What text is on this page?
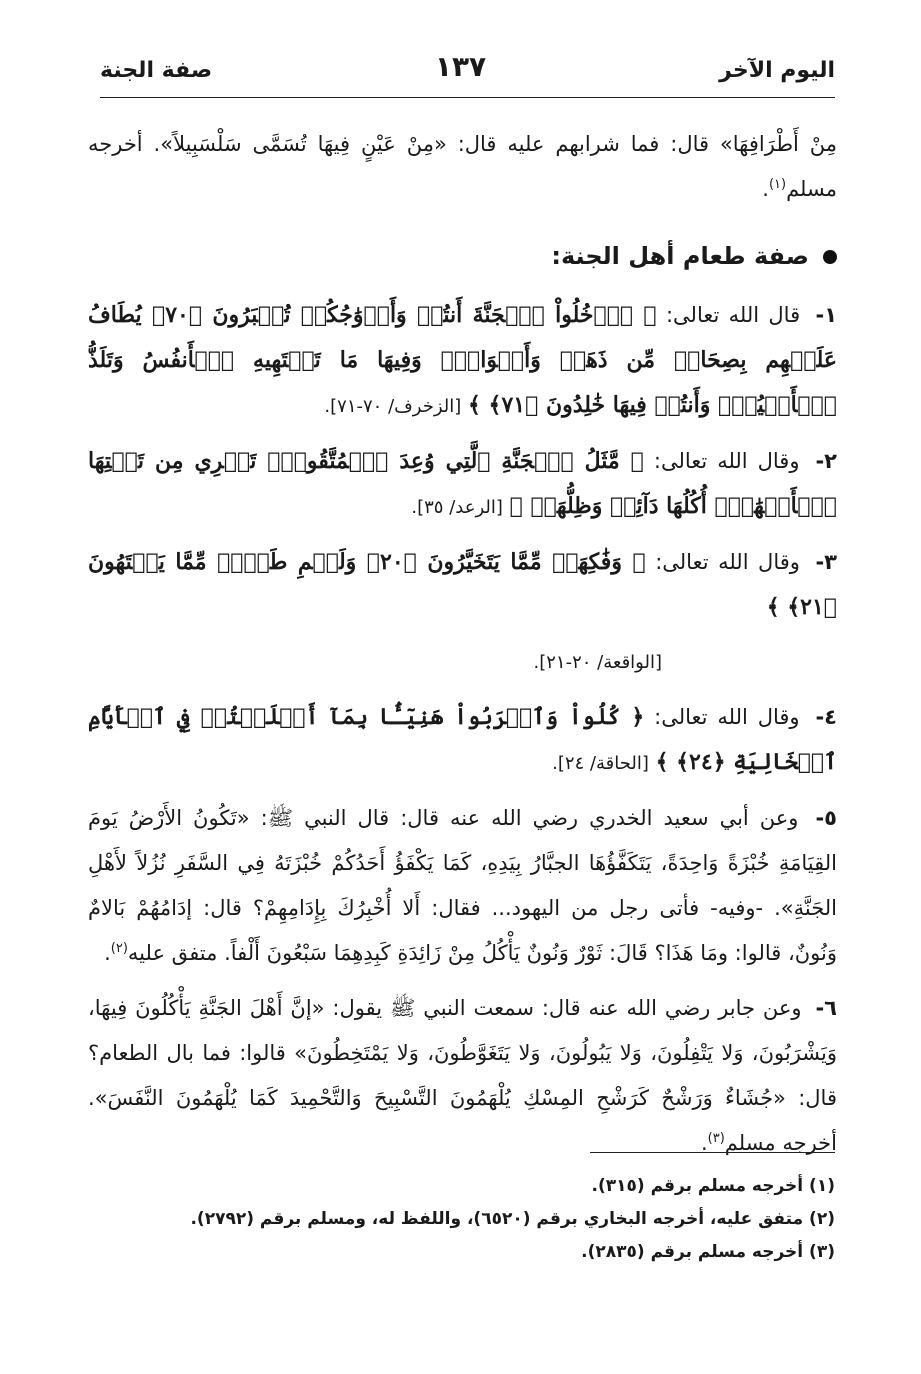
اليوم الآخر
١٣٧
صفة الجنة

مِنْ أَطْرَافِهَا» قال: فما شرابهم عليه قال: «مِنْ عَيْنٍ فِيهَا تُسَمَّى سَلْسَبِيلاً». أخرجه مسلم$^{(١)}$.

صفة طعام أهل الجنة:

١- قال الله تعالى: ﴿ ٱدۡخُلُواْ ٱلۡجَنَّةَ أَنتُمۡ وَأَزۡوَٰجُكُمۡ تُحۡبَرُونَ ﴿٧٠﴾ يُطَافُ عَلَيۡهِم بِصِحَافٖ مِّن ذَهَبٖ وَأَكۡوَابٖۖ وَفِيهَا مَا تَشۡتَهِيهِ ٱلۡأَنفُسُ وَتَلَذُّ ٱلۡأَعۡيُنُۖ وَأَنتُمۡ فِيهَا خَٰلِدُونَ ﴿٧١﴾ ﴾ [الزخرف/ ٧٠-٧١].

٢- وقال الله تعالى: ﴿ مَّثَلُ ٱلۡجَنَّةِ ٱلَّتِي وُعِدَ ٱلۡمُتَّقُونَۖ تَجۡرِي مِن تَحۡتِهَا ٱلۡأَنۡهَٰرُۖ أُكُلُهَا دَآئِمٞ وَظِلُّهَاۚ ﴾ [الرعد/ ٣٥].

٣- وقال الله تعالى: ﴿ وَفَٰكِهَةٖ مِّمَّا يَتَخَيَّرُونَ ﴿٢٠﴾ وَلَحۡمِ طَيۡرٖ مِّمَّا يَشۡتَهُونَ ﴿٢١﴾ ﴾

[الواقعة/ ٢٠-٢١].

٤- وقال الله تعالى: ﴿ كُلُواْ وَٱشۡرَبُواْ هَنِيٓـَٔۢا بِمَآ أَسۡلَفۡتُمۡ فِي ٱلۡأَيَّامِ ٱلۡخَالِيَةِ ﴿٢٤﴾ ﴾ [الحاقة/ ٢٤].

٥- وعن أبي سعيد الخدري رضي الله عنه قال: قال النبي ﷺ: «تَكُونُ الأَرْضُ يَومَ القِيَامَةِ خُبْزَةً وَاحِدَةً، يَتَكَفَّؤُهَا الجبَّارُ بِيَدِهِ، كَمَا يَكْفَؤُ أَحَدُكُمْ خُبْزَتَهُ فِي السَّفَرِ نُزُلاً لأَهْلِ الجَنَّةِ». -وفيه- فأتى رجل من اليهود... فقال: أَلا أُخْبِرُكَ بِإِدَامِهِمْ؟ قال: إدَامُهُمْ بَالامٌ وَنُونٌ، قالوا: ومَا هَذَا؟ قَالَ: ثَوْرٌ وَنُونٌ يَأْكُلُ مِنْ زَائِدَةِ كَبِدِهِمَا سَبْعُونَ أَلْفاً. متفق عليه$^{(٢)}$.

٦- وعن جابر رضي الله عنه قال: سمعت النبي ﷺ يقول: «إنَّ أَهْلَ الجَنَّةِ يَأْكُلُونَ فِيهَا، وَيَشْرَبُونَ، وَلا يَتْفِلُونَ، وَلا يَبُولُونَ، وَلا يَتَغَوَّطُونَ، وَلا يَمْتَخِطُونَ» قالوا: فما بال الطعام؟ قال: «جُشَاءٌ وَرَشْحٌ كَرَشْحِ المِسْكِ يُلْهَمُونَ التَّسْبِيحَ وَالتَّحْمِيدَ كَمَا يُلْهَمُونَ النَّفَسَ». أخرجه مسلم$^{(٣)}$.

(١) أخرجه مسلم برقم (٣١٥).

(٢) متفق عليه، أخرجه البخاري برقم (٦٥٢٠)، واللفظ له، ومسلم برقم (٢٧٩٢).

(٣) أخرجه مسلم برقم (٢٨٣٥).
